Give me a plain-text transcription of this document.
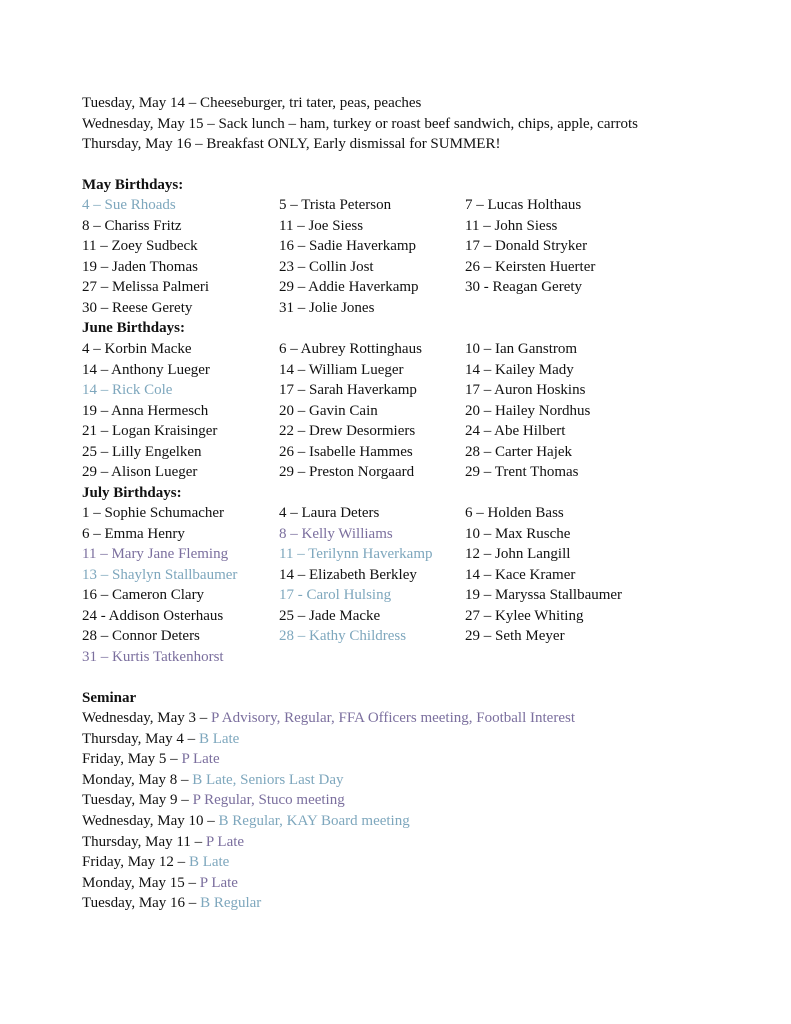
Tuesday, May 14 – Cheeseburger, tri tater, peas, peaches
Wednesday, May 15 – Sack lunch – ham, turkey or roast beef sandwich, chips, apple, carrots
Thursday, May 16 – Breakfast ONLY, Early dismissal for SUMMER!
May Birthdays:
4 – Sue Rhoads	5 – Trista Peterson	7 – Lucas Holthaus
8 – Chariss Fritz	11 – Joe Siess	11 – John Siess
11 – Zoey Sudbeck	16 – Sadie Haverkamp	17 – Donald Stryker
19 – Jaden Thomas	23 – Collin Jost	26 – Keirsten Huerter
27 – Melissa Palmeri	29 – Addie Haverkamp	30 - Reagan Gerety
30 – Reese Gerety	31 – Jolie Jones
June Birthdays:
4 – Korbin Macke	6 – Aubrey Rottinghaus	10 – Ian Ganstrom
14 – Anthony Lueger	14 – William Lueger	14 – Kailey Mady
14 – Rick Cole	17 – Sarah Haverkamp	17 – Auron Hoskins
19 – Anna Hermesch	20 – Gavin Cain	20 – Hailey Nordhus
21 – Logan Kraisinger	22 – Drew Desormiers	24 – Abe Hilbert
25 – Lilly Engelken	26 – Isabelle Hammes	28 – Carter Hajek
29 – Alison Lueger	29 – Preston Norgaard	29 – Trent Thomas
July Birthdays:
1 – Sophie Schumacher	4 – Laura Deters	6 – Holden Bass
6 – Emma Henry	8 – Kelly Williams	10 – Max Rusche
11 – Mary Jane Fleming	11 – Terilynn Haverkamp 12 – John Langill
13 – Shaylyn Stallbaumer	14 – Elizabeth Berkley	14 – Kace Kramer
16 – Cameron Clary	17 - Carol Hulsing	19 – Maryssa Stallbaumer
24 - Addison Osterhaus	25 – Jade Macke	27 – Kylee Whiting
28 – Connor Deters	28 – Kathy Childress	29 – Seth Meyer
31 – Kurtis Tatkenhorst
Seminar
Wednesday, May 3 – P Advisory, Regular, FFA Officers meeting, Football Interest
Thursday, May 4 – B Late
Friday, May 5 – P Late
Monday, May 8 – B Late, Seniors Last Day
Tuesday, May 9 – P Regular, Stuco meeting
Wednesday, May 10 – B Regular, KAY Board meeting
Thursday, May 11 – P Late
Friday, May 12 – B Late
Monday, May 15 – P Late
Tuesday, May 16 – B Regular
